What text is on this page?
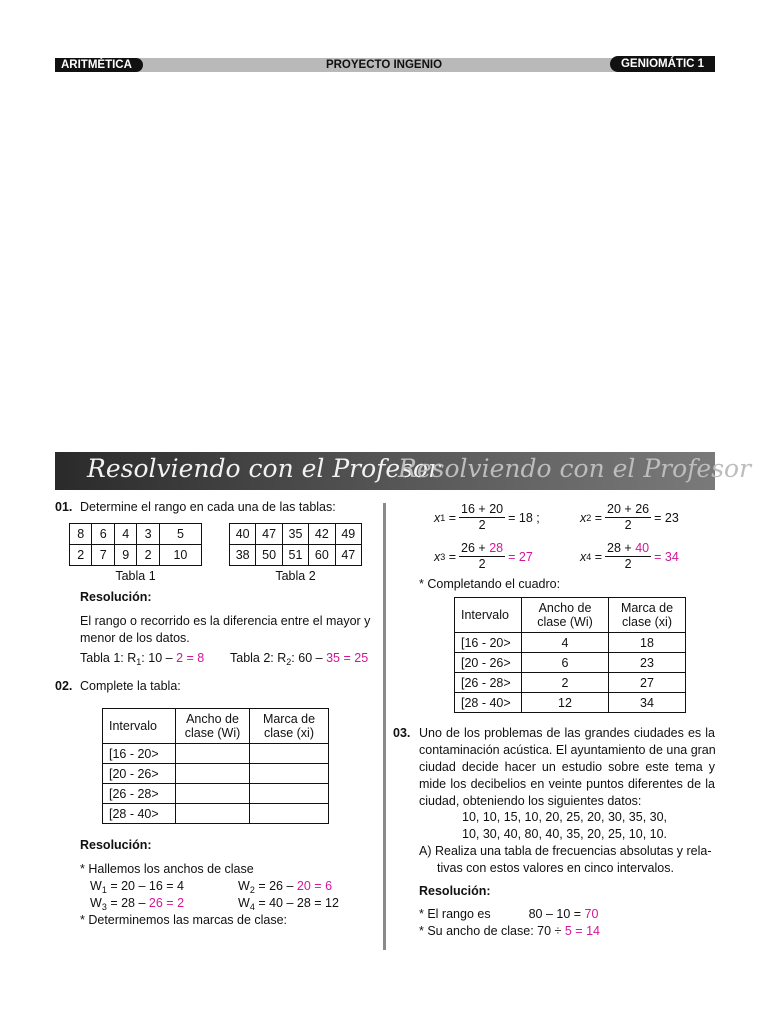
ARITMÉTICA	PROYECTO INGENIO	GENIOMÁTIC 1
Resolviendo con el Profesor
Resolviendo con el Profesor
01. Determine el rango en cada una de las tablas:
8	6	4	3	5
2	7	9	2	10
40	47	35	42	49
38	50	51	60	47
Tabla 1	Tabla 2
Resolución:
El rango o recorrido es la diferencia entre el mayor y
menor de los datos.
Tabla 1: $R_1$: 10 – 2 = 8 Tabla 2: $R_2$: 60 – 35 = 25
02. Complete la tabla:
Intervalo	Ancho de
clase (Wi)	Marca de
clase (xi)
[16 - 20>		
[20 - 26>		
[26 - 28>		
[28 - 40>		
Resolución:
* Hallemos los anchos de clase
$W_1 = 20 - 16 = 4$	$W_2 = 26 - 20 = 6$
$W_3 = 28 - 26 = 2$	$W_4 = 40 - 28 = 12$
* Determinemos las marcas de clase:
x $1 = \frac{16 + 20}{2} = 18$ ;	x $2 = \frac{20 + 26}{2} = 23$
x $3 = \frac{26 + 28}{2}$ =
27	x $4 = \frac{28 + 40}{2}$ =
34
* Completando el cuadro:
Intervalo	Ancho de
clase (Wi)	Marca de
clase (xi)
[16 - 20>	4	18
[20 - 26>	6	23
[26 - 28>	2	27
[28 - 40>	12	34
03. Uno de los problemas de las grandes ciudades es la
contaminación acústica. El ayuntamiento de una gran
ciudad decide hacer un estudio sobre este tema y
mide los decibelios en veinte puntos diferentes de la
ciudad, obteniendo los siguientes datos:
10, 10, 15, 10, 20, 25, 20, 30, 35, 30,
10, 30, 40, 80, 40, 35, 20, 25, 10, 10.
A) Realiza una tabla de frecuencias absolutas y rela-
tivas con estos valores en cinco intervalos.
Resolución:
* El rango es	80 – 10 = 70
* Su ancho de clase: 70 ÷ 5 = 14
